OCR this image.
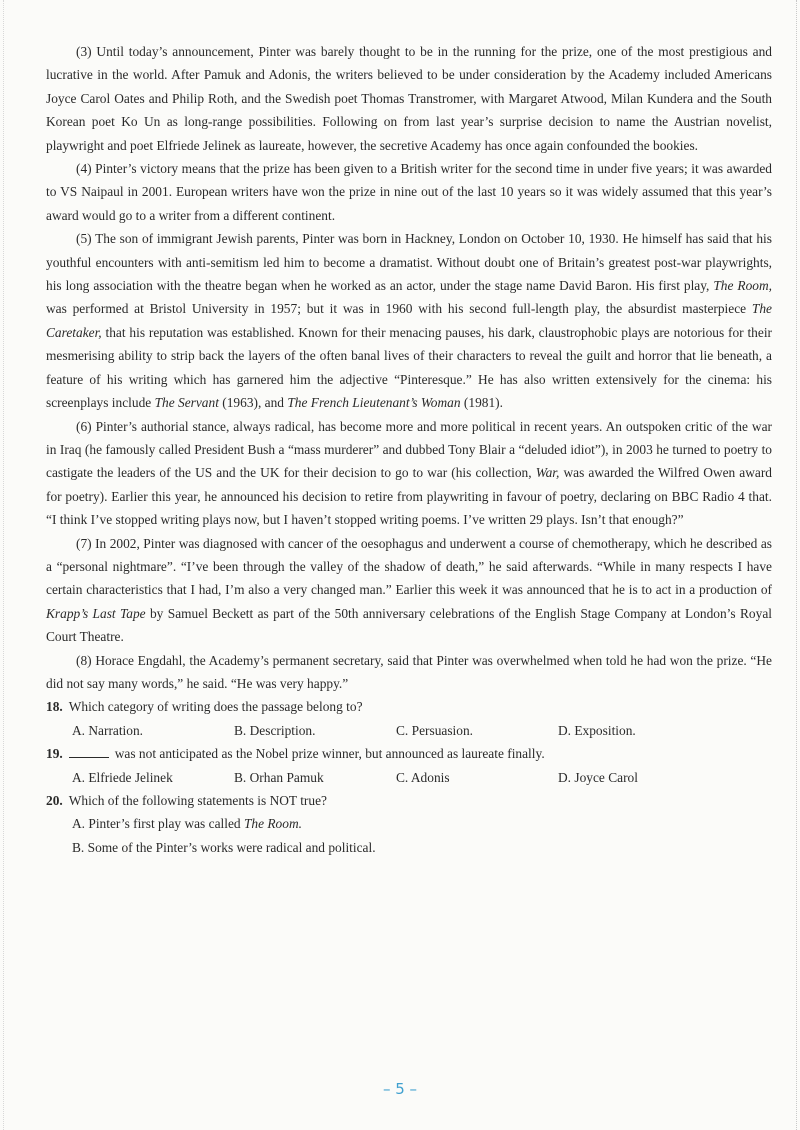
(3) Until today’s announcement, Pinter was barely thought to be in the running for the prize, one of the most prestigious and lucrative in the world. After Pamuk and Adonis, the writers believed to be under consideration by the Academy included Americans Joyce Carol Oates and Philip Roth, and the Swedish poet Thomas Transtromer, with Margaret Atwood, Milan Kundera and the South Korean poet Ko Un as long-range possibilities. Following on from last year’s surprise decision to name the Austrian novelist, playwright and poet Elfriede Jelinek as laureate, however, the secretive Academy has once again confounded the bookies.

(4) Pinter’s victory means that the prize has been given to a British writer for the second time in under five years; it was awarded to VS Naipaul in 2001. European writers have won the prize in nine out of the last 10 years so it was widely assumed that this year’s award would go to a writer from a different continent.

(5) The son of immigrant Jewish parents, Pinter was born in Hackney, London on October 10, 1930. He himself has said that his youthful encounters with anti-semitism led him to become a dramatist. Without doubt one of Britain’s greatest post-war playwrights, his long association with the theatre began when he worked as an actor, under the stage name David Baron. His first play, The Room, was performed at Bristol University in 1957; but it was in 1960 with his second full-length play, the absurdist masterpiece The Caretaker, that his reputation was established. Known for their menacing pauses, his dark, claustrophobic plays are notorious for their mesmerising ability to strip back the layers of the often banal lives of their characters to reveal the guilt and horror that lie beneath, a feature of his writing which has garnered him the adjective “Pinteresque.” He has also written extensively for the cinema: his screenplays include The Servant (1963), and The French Lieutenant’s Woman (1981).

(6) Pinter’s authorial stance, always radical, has become more and more political in recent years. An outspoken critic of the war in Iraq (he famously called President Bush a “mass murderer” and dubbed Tony Blair a “deluded idiot”), in 2003 he turned to poetry to castigate the leaders of the US and the UK for their decision to go to war (his collection, War, was awarded the Wilfred Owen award for poetry). Earlier this year, he announced his decision to retire from playwriting in favour of poetry, declaring on BBC Radio 4 that. “I think I’ve stopped writing plays now, but I haven’t stopped writing poems. I’ve written 29 plays. Isn’t that enough?”

(7) In 2002, Pinter was diagnosed with cancer of the oesophagus and underwent a course of chemotherapy, which he described as a “personal nightmare”. “I’ve been through the valley of the shadow of death,” he said afterwards. “While in many respects I have certain characteristics that I had, I’m also a very changed man.” Earlier this week it was announced that he is to act in a production of Krapp’s Last Tape by Samuel Beckett as part of the 50th anniversary celebrations of the English Stage Company at London’s Royal Court Theatre.

(8) Horace Engdahl, the Academy’s permanent secretary, said that Pinter was overwhelmed when told he had won the prize. “He did not say many words,” he said. “He was very happy.”

18. Which category of writing does the passage belong to?

A. Narration.	B. Description.	C. Persuasion.	D. Exposition.

19.	was not anticipated as the Nobel prize winner, but announced as laureate finally.

A. Elfriede Jelinek	B. Orhan Pamuk	C. Adonis	D. Joyce Carol

20. Which of the following statements is NOT true?

A. Pinter’s first play was called The Room.

B. Some of the Pinter’s works were radical and political.

– 5 –
